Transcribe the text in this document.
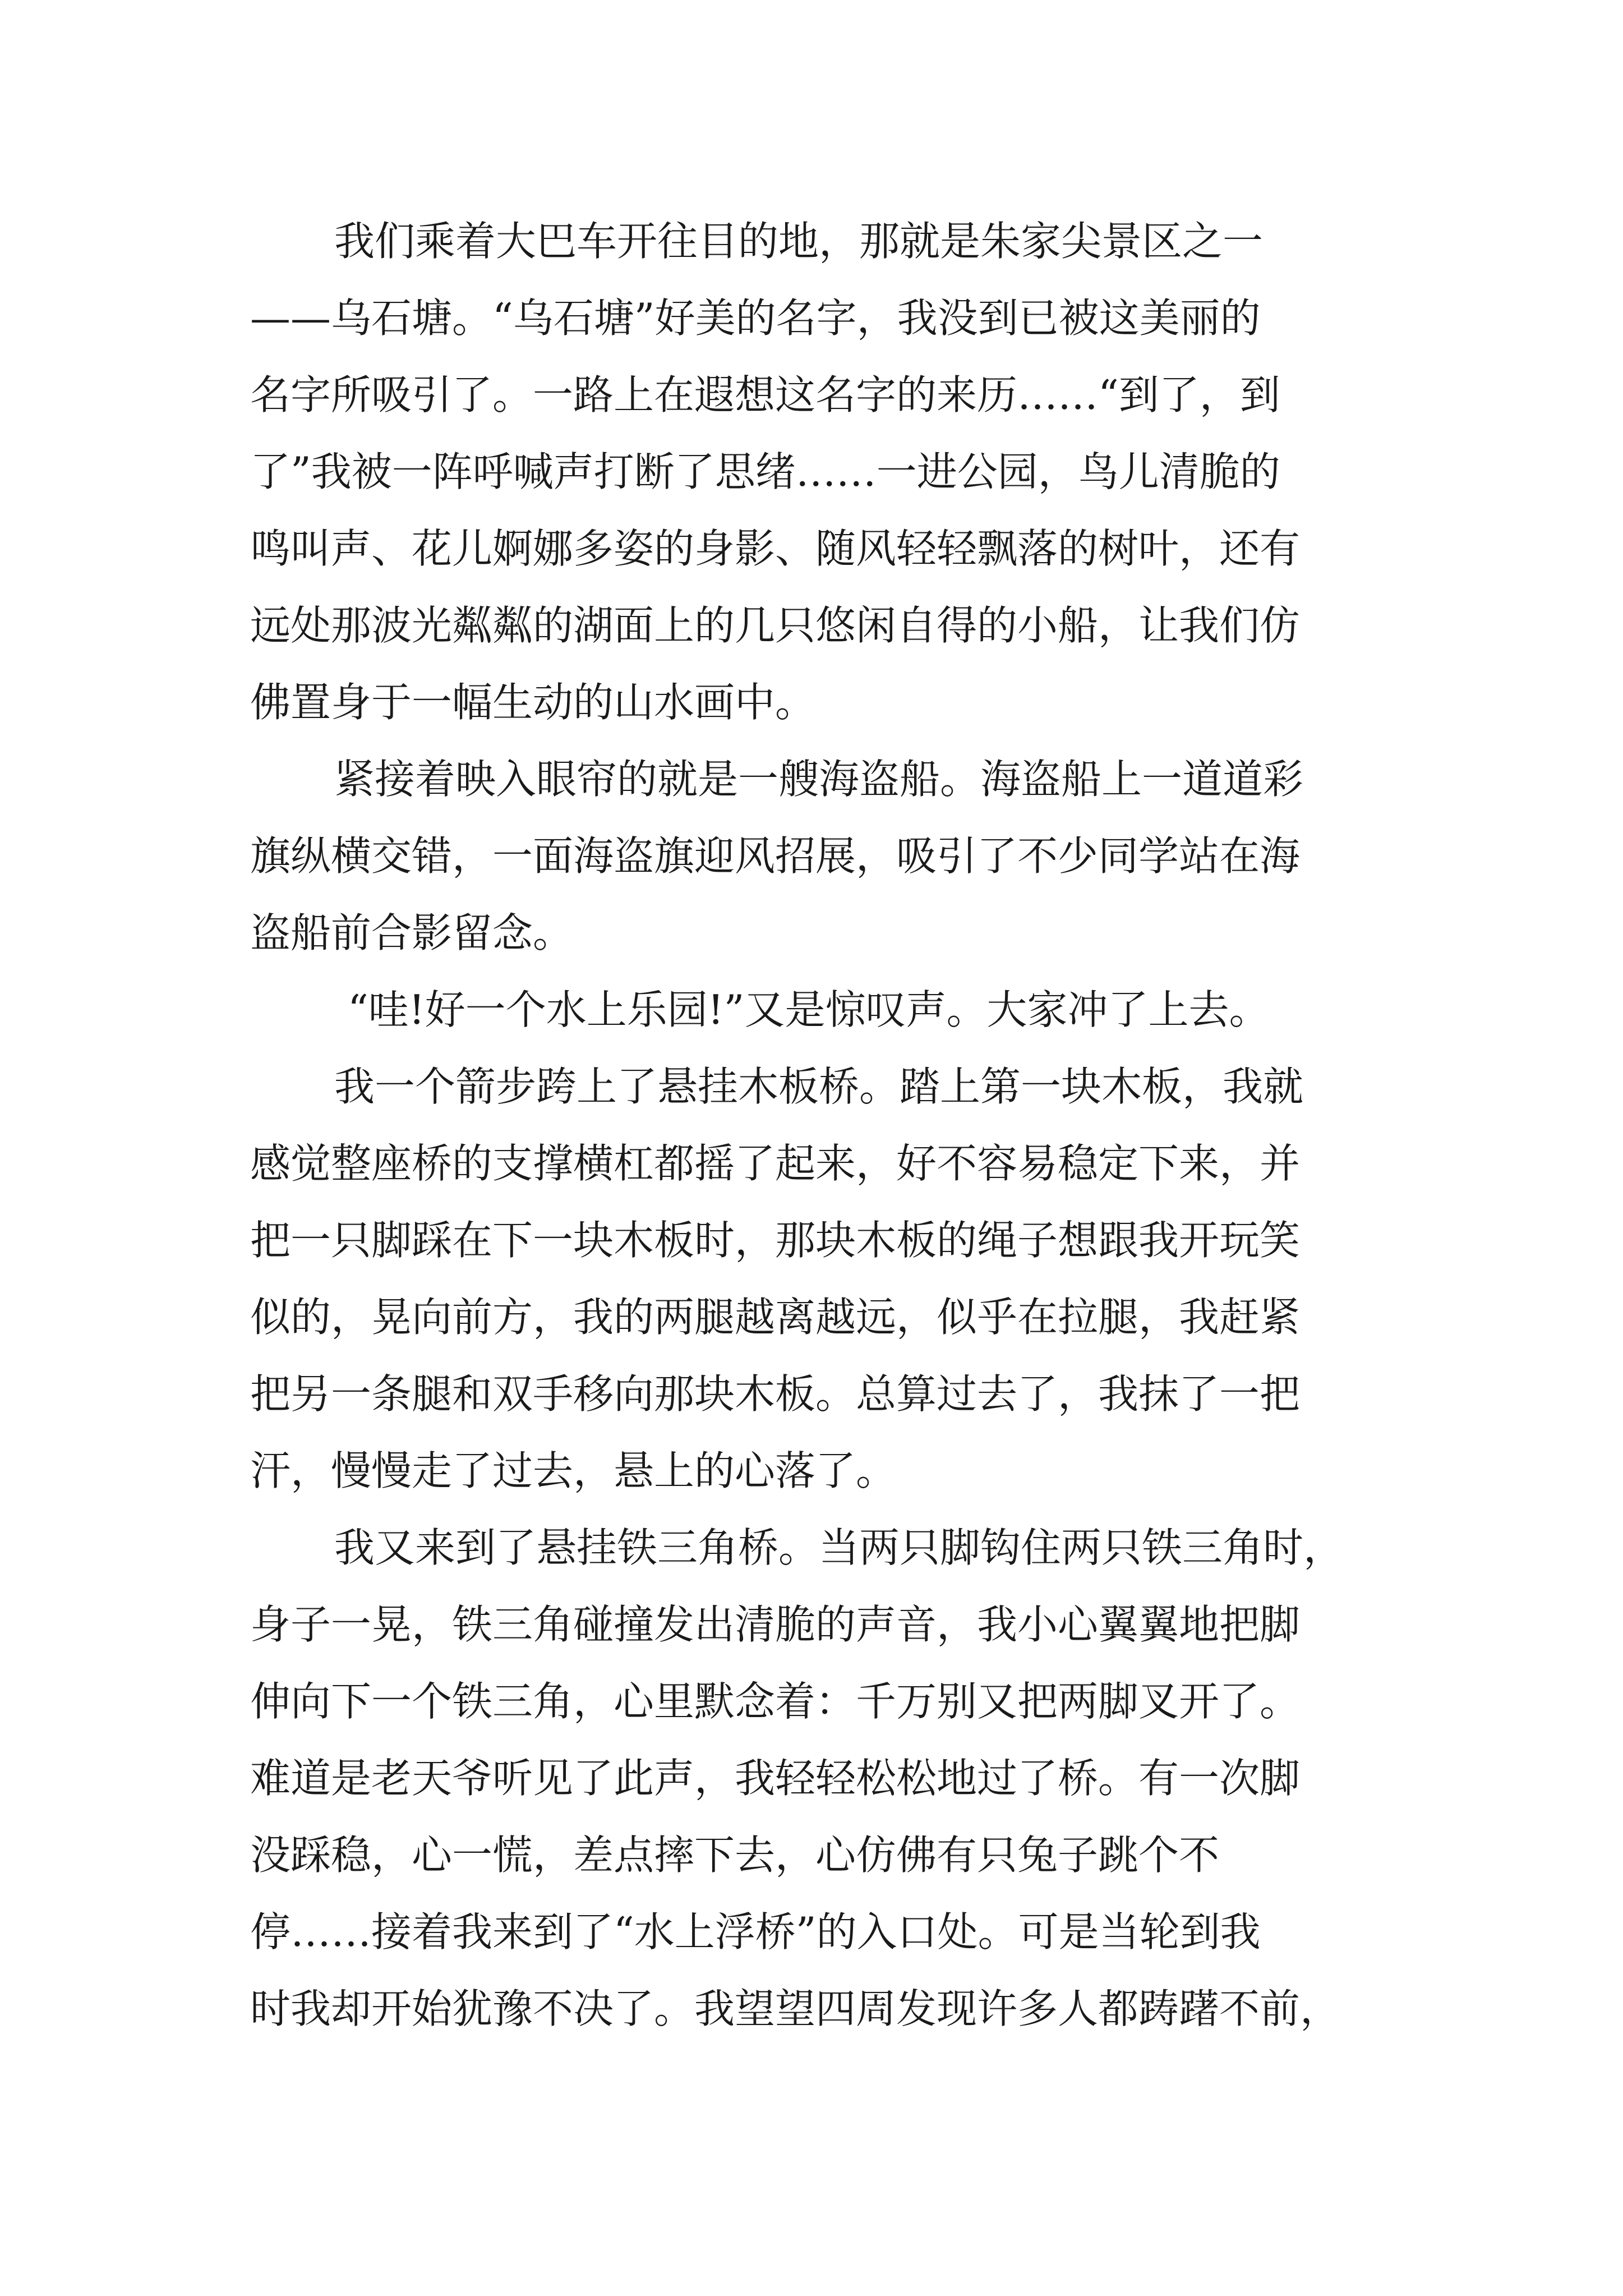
我们乘着大巴车开往目的地，那就是朱家尖景区之一
——乌石塘。“乌石塘”好美的名字，我没到已被这美丽的
名字所吸引了。一路上在遐想这名字的来历……“到了，到
了”我被一阵呼喊声打断了思绪……一进公园，鸟儿清脆的
鸣叫声、花儿婀娜多姿的身影、随风轻轻飘落的树叶，还有
远处那波光粼粼的湖面上的几只悠闲自得的小船，让我们仿
佛置身于一幅生动的山水画中。
紧接着映入眼帘的就是一艘海盗船。海盗船上一道道彩
旗纵横交错，一面海盗旗迎风招展，吸引了不少同学站在海
盗船前合影留念。
“哇!好一个水上乐园!”又是惊叹声。大家冲了上去。
我一个箭步跨上了悬挂木板桥。踏上第一块木板，我就
感觉整座桥的支撑横杠都摇了起来，好不容易稳定下来，并
把一只脚踩在下一块木板时，那块木板的绳子想跟我开玩笑
似的，晃向前方，我的两腿越离越远，似乎在拉腿，我赶紧
把另一条腿和双手移向那块木板。总算过去了，我抹了一把
汗，慢慢走了过去，悬上的心落了。
我又来到了悬挂铁三角桥。当两只脚钩住两只铁三角时，
身子一晃，铁三角碰撞发出清脆的声音，我小心翼翼地把脚
伸向下一个铁三角，心里默念着：千万别又把两脚叉开了。
难道是老天爷听见了此声，我轻轻松松地过了桥。有一次脚
没踩稳，心一慌，差点摔下去，心仿佛有只兔子跳个不
停……接着我来到了“水上浮桥”的入口处。可是当轮到我
时我却开始犹豫不决了。我望望四周发现许多人都踌躇不前，
